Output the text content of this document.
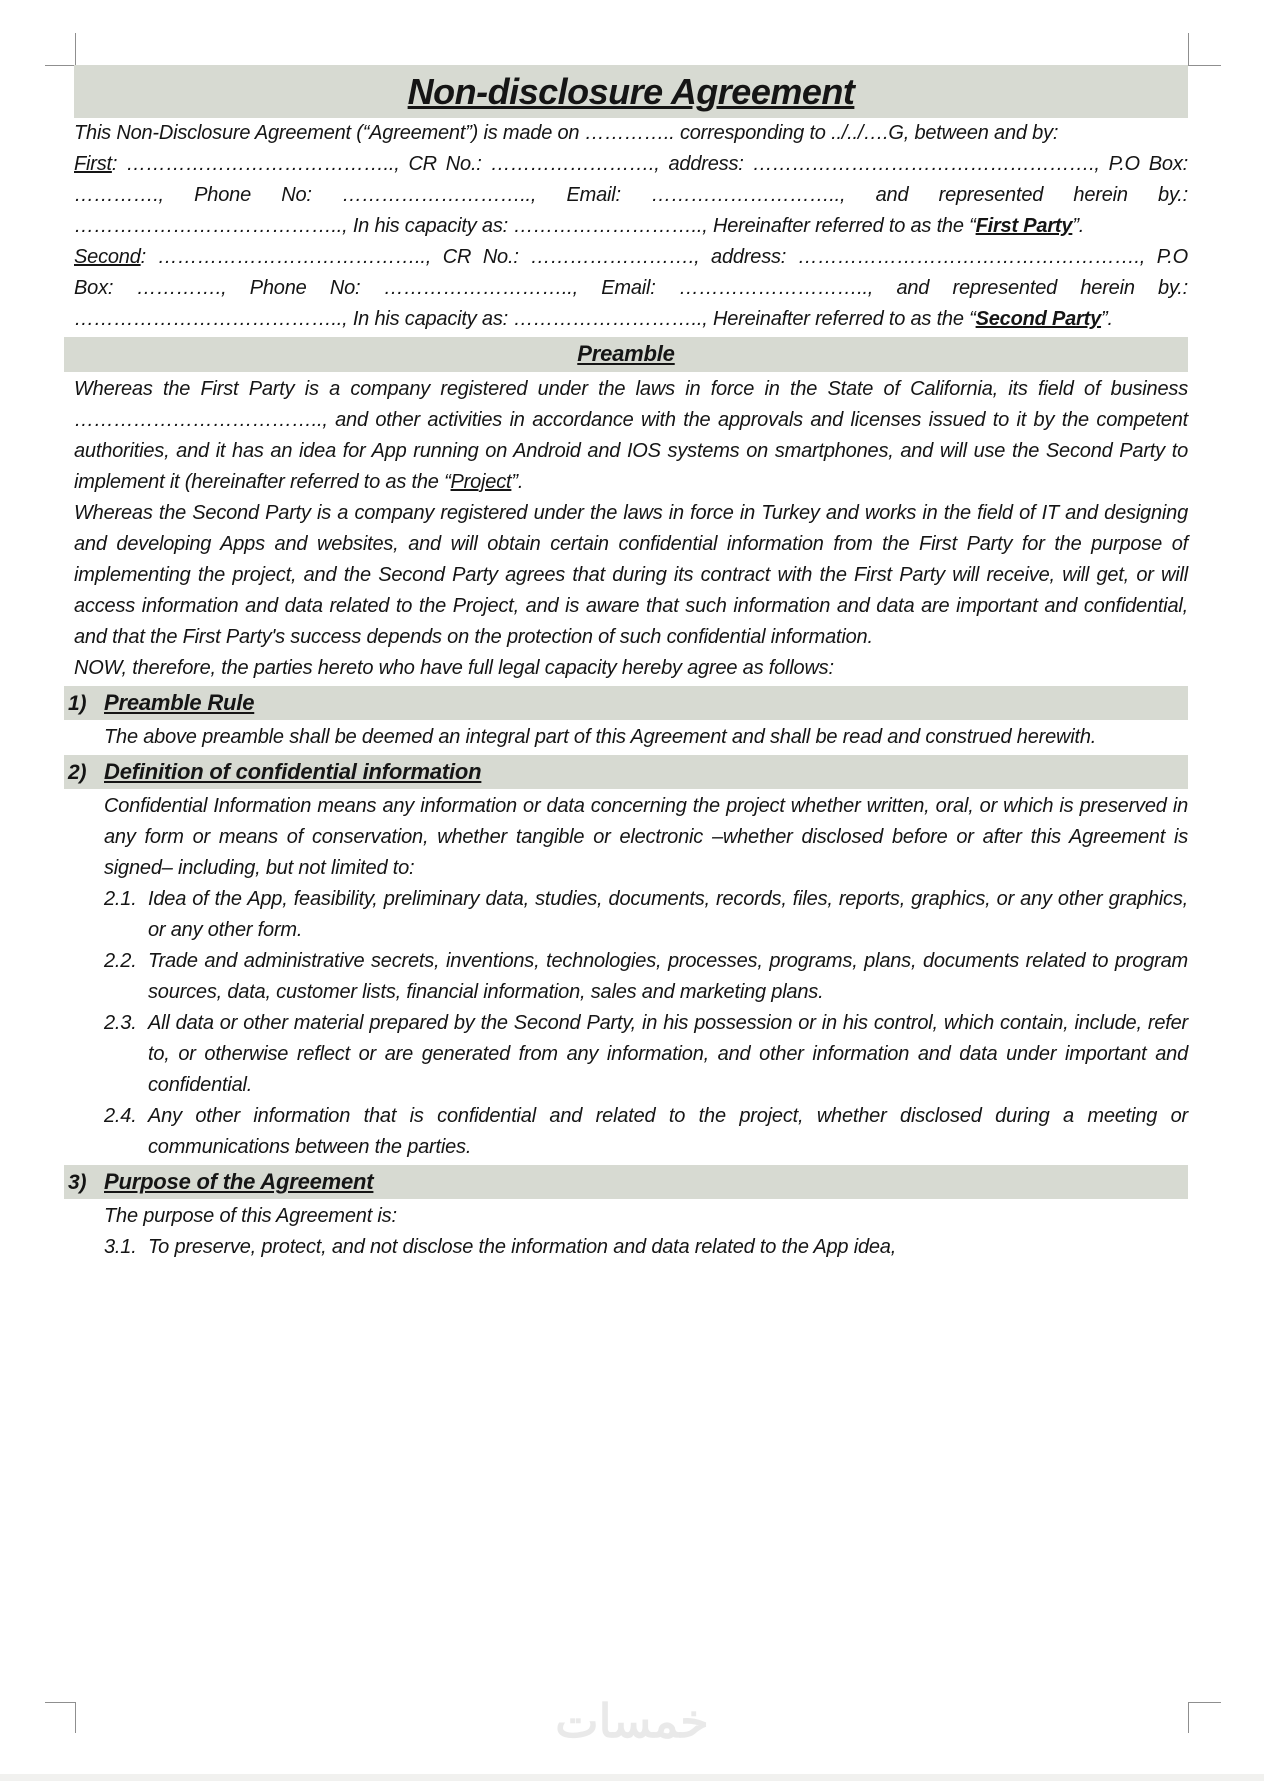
Non-disclosure Agreement
This Non-Disclosure Agreement (“Agreement”) is made on ………….. corresponding to ../../….G, between and by:
First: ………………………………….., CR No.: ……………………., address: ……………………………………………., P.O Box: …………., Phone No: ……………………….., Email: ……………………….., and represented herein by.: ………………………………….., In his capacity as: ……………………….., Hereinafter referred to as the “First Party”.
Second: ………………………………….., CR No.: ……………………., address: ……………………………………………., P.O Box: …………., Phone No: ……………………….., Email: ……………………….., and represented herein by.: ………………………………….., In his capacity as: ……………………….., Hereinafter referred to as the “Second Party”.
Preamble
Whereas the First Party is a company registered under the laws in force in the State of California, its field of business ……………………………….., and other activities in accordance with the approvals and licenses issued to it by the competent authorities, and it has an idea for App running on Android and IOS systems on smartphones, and will use the Second Party to implement it (hereinafter referred to as the “Project”.
Whereas the Second Party is a company registered under the laws in force in Turkey and works in the field of IT and designing and developing Apps and websites, and will obtain certain confidential information from the First Party for the purpose of implementing the project, and the Second Party agrees that during its contract with the First Party will receive, will get, or will access information and data related to the Project, and is aware that such information and data are important and confidential, and that the First Party's success depends on the protection of such confidential information.
NOW, therefore, the parties hereto who have full legal capacity hereby agree as follows:
1) Preamble Rule
The above preamble shall be deemed an integral part of this Agreement and shall be read and construed herewith.
2) Definition of confidential information
Confidential Information means any information or data concerning the project whether written, oral, or which is preserved in any form or means of conservation, whether tangible or electronic –whether disclosed before or after this Agreement is signed– including, but not limited to:
2.1. Idea of the App, feasibility, preliminary data, studies, documents, records, files, reports, graphics, or any other graphics, or any other form.
2.2. Trade and administrative secrets, inventions, technologies, processes, programs, plans, documents related to program sources, data, customer lists, financial information, sales and marketing plans.
2.3. All data or other material prepared by the Second Party, in his possession or in his control, which contain, include, refer to, or otherwise reflect or are generated from any information, and other information and data under important and confidential.
2.4. Any other information that is confidential and related to the project, whether disclosed during a meeting or communications between the parties.
3) Purpose of the Agreement
The purpose of this Agreement is:
3.1. To preserve, protect, and not disclose the information and data related to the App idea,
خمسات
